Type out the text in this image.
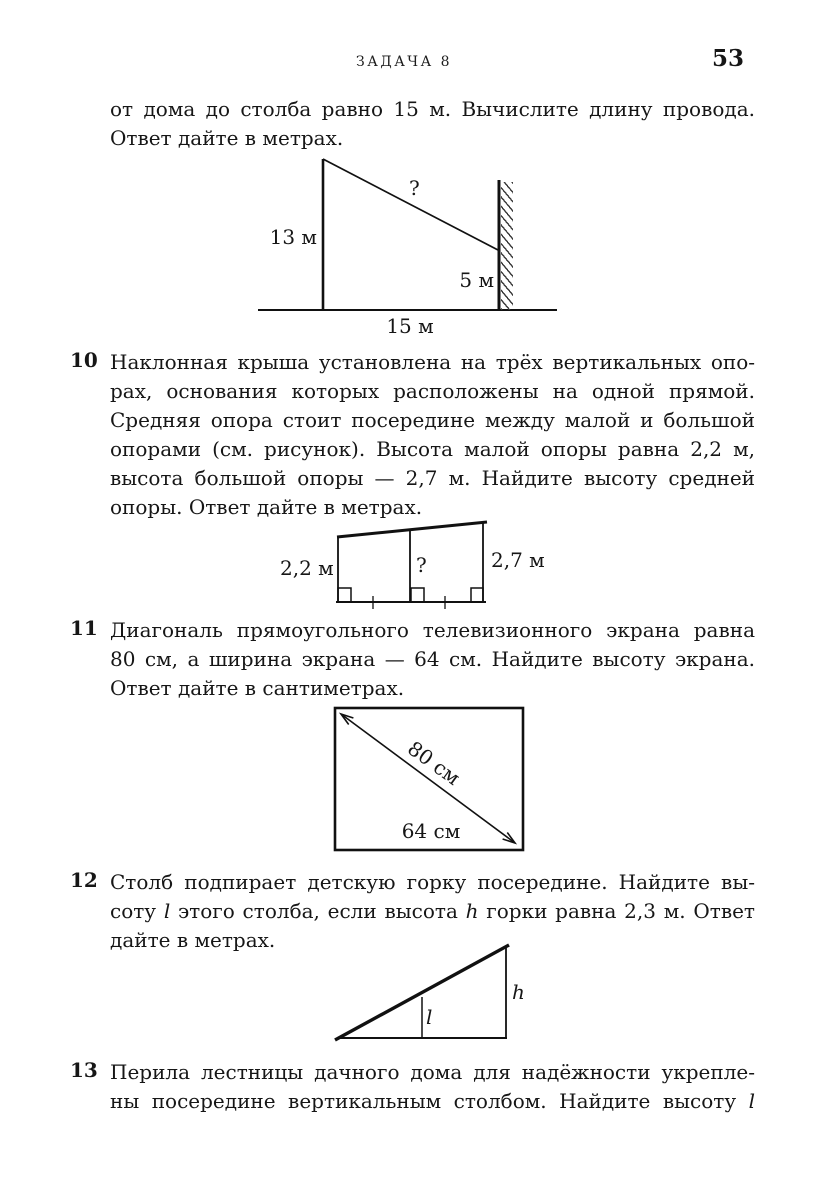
ЗАДАЧА 8	53
от дома до столба равно 15 м. Вычислите длину провода.
Ответ дайте в метрах.
13 м
?
5 м
15 м
10 Наклонная крыша установлена на трёх вертикальных опо-
рах, основания которых расположены на одной прямой.
Средняя опора стоит посередине между малой и большой
опорами (см. рисунок). Высота малой опоры равна 2,2 м,
высота большой опоры — 2,7 м. Найдите высоту средней
опоры. Ответ дайте в метрах.
2,2 м	?	2,7 м
11 Диагональ прямоугольного телевизионного экрана равна
80 см, а ширина экрана — 64 см. Найдите высоту экрана.
Ответ дайте в сантиметрах.
80 см
64 см
12 Столб подпирает детскую горку посередине. Найдите вы-
соту l этого столба, если высота h горки равна 2,3 м. Ответ
дайте в метрах.
h
l
13 Перила лестницы дачного дома для надёжности укрепле-
ны посередине вертикальным столбом. Найдите высоту l
